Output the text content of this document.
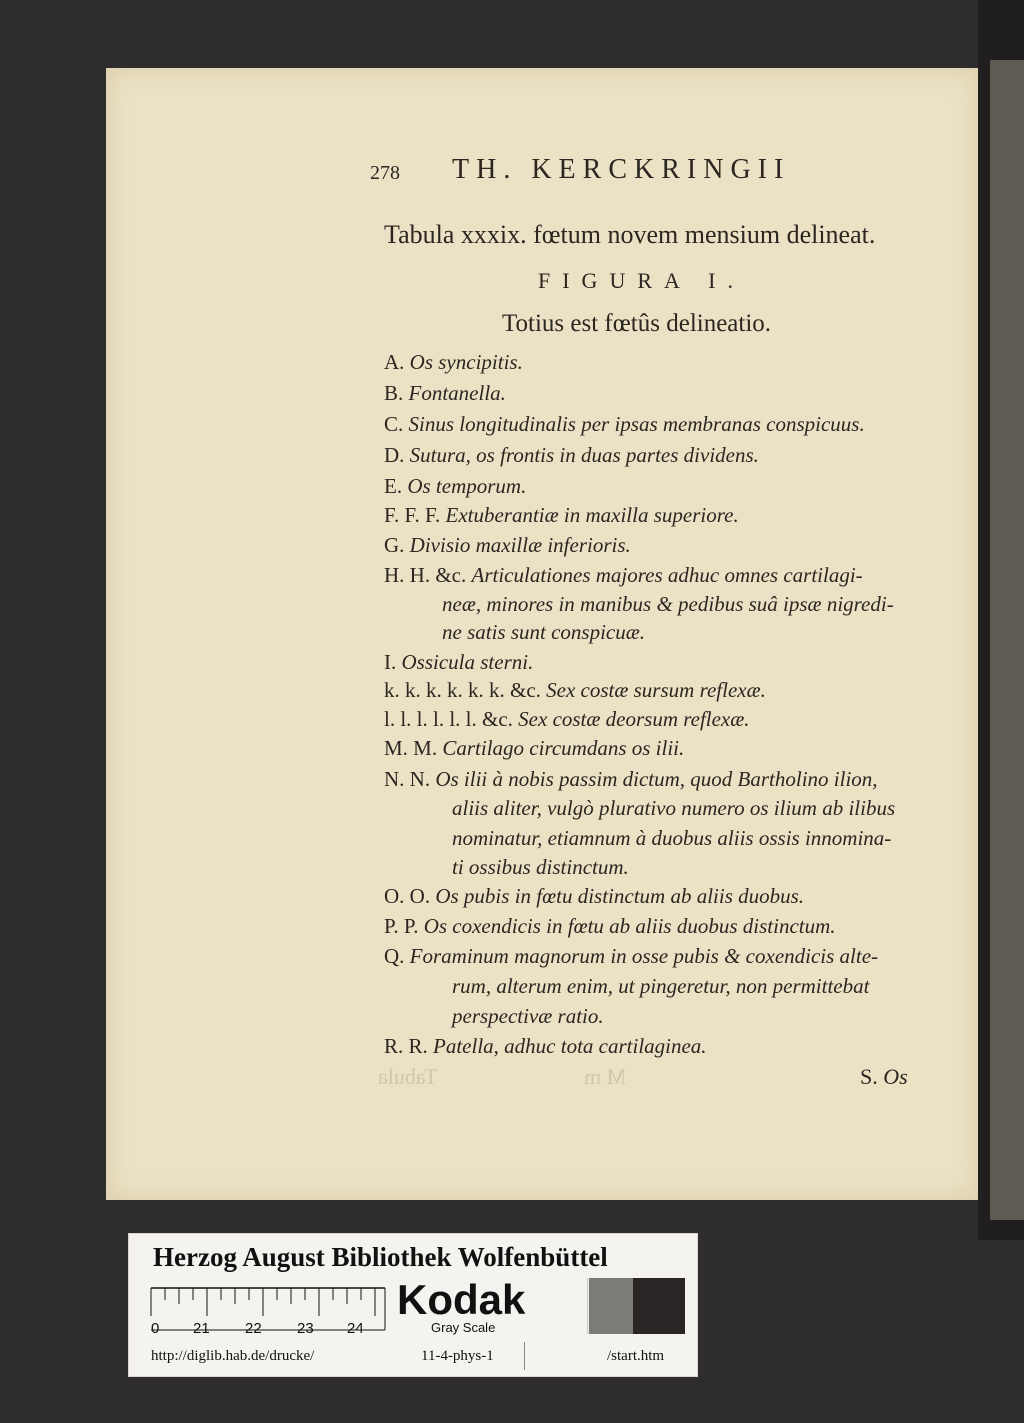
278 TH. KERCKRINGII
Tabula xxxix. fœtum novem mensium delineat.
FIGURA I.
Totius est fœtûs delineatio.
A. Os syncipitis.
B. Fontanella.
C. Sinus longitudinalis per ipsas membranas conspicuus.
D. Sutura, os frontis in duas partes dividens.
E. Os temporum.
F. F. F. Extuberantiæ in maxilla superiore.
G. Divisio maxillæ inferioris.
H. H. &c. Articulationes majores adhuc omnes cartilagi-
neæ, minores in manibus & pedibus suâ ipsæ nigredi-
ne satis sunt conspicuæ.
I. Ossicula sterni.
k. k. k. k. k. k. &c. Sex costæ sursum reflexæ.
l. l. l. l. l. l. &c. Sex costæ deorsum reflexæ.
M. M. Cartilago circumdans os ilii.
N. N. Os ilii à nobis passim dictum, quod Bartholino ilion,
aliis aliter, vulgò plurativo numero os ilium ab ilibus
nominatur, etiamnum à duobus aliis ossis innomina-
ti ossibus distinctum.
O. O. Os pubis in fœtu distinctum ab aliis duobus.
P. P. Os coxendicis in fœtu ab aliis duobus distinctum.
Q. Foraminum magnorum in osse pubis & coxendicis alte-
rum, alterum enim, ut pingeretur, non permittebat
perspectivæ ratio.
R. R. Patella, adhuc tota cartilaginea.
Tabula	M m	S. Os
Herzog August Bibliothek Wolfenbüttel
0 21 22 23 24
Kodak
Gray Scale
http://diglib.hab.de/drucke/	11-4-phys-1	/start.htm
